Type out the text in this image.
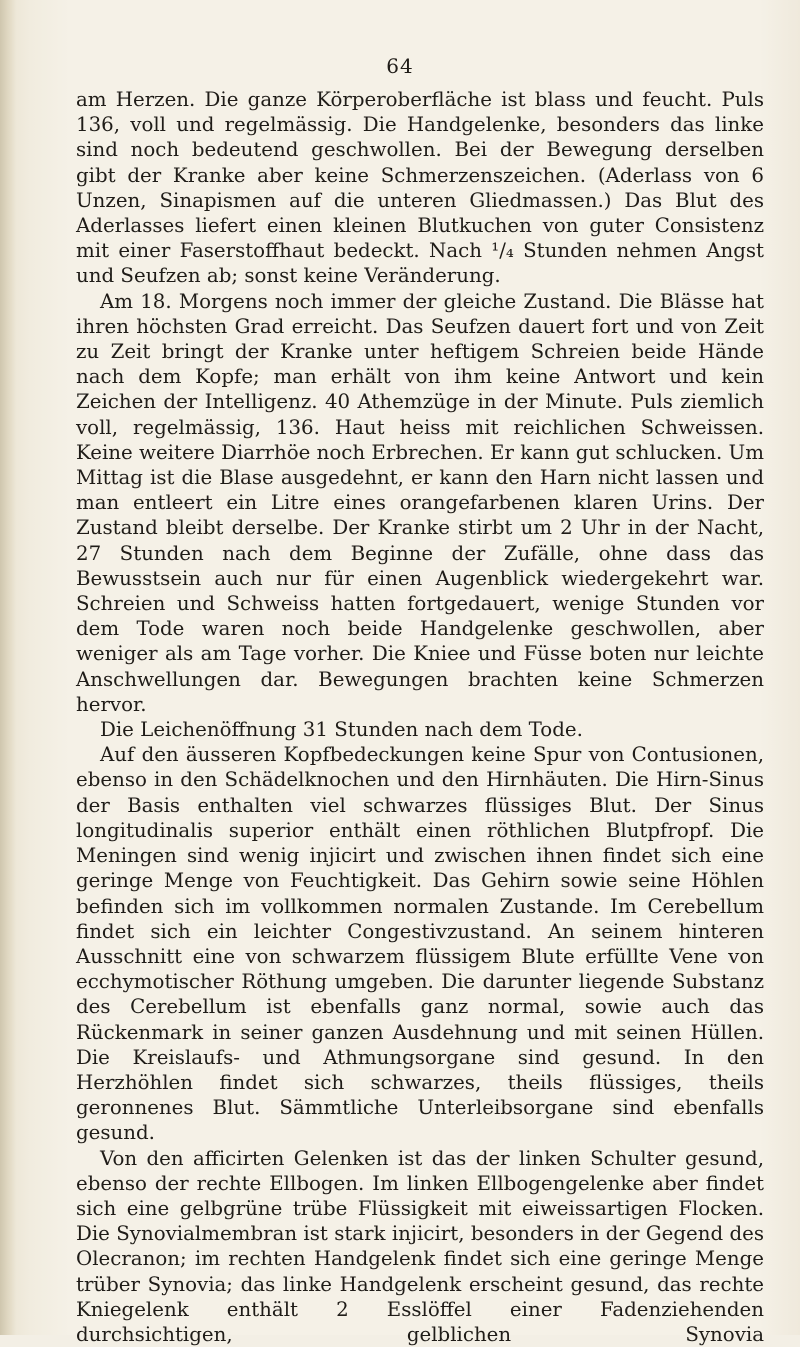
64

am Herzen. Die ganze Körperoberfläche ist blass und feucht. Puls 136, voll und regelmässig. Die Handgelenke, besonders das linke sind noch bedeutend geschwollen. Bei der Bewegung derselben gibt der Kranke aber keine Schmerzenszeichen. (Aderlass von 6 Unzen, Sinapismen auf die unteren Gliedmassen.) Das Blut des Aderlasses liefert einen kleinen Blutkuchen von guter Consistenz mit einer Faserstoffhaut bedeckt. Nach ¹/₄ Stunden nehmen Angst und Seufzen ab; sonst keine Veränderung.

Am 18. Morgens noch immer der gleiche Zustand. Die Blässe hat ihren höchsten Grad erreicht. Das Seufzen dauert fort und von Zeit zu Zeit bringt der Kranke unter heftigem Schreien beide Hände nach dem Kopfe; man erhält von ihm keine Antwort und kein Zeichen der Intelligenz. 40 Athemzüge in der Minute. Puls ziemlich voll, regelmässig, 136. Haut heiss mit reichlichen Schweissen. Keine weitere Diarrhöe noch Erbrechen. Er kann gut schlucken. Um Mittag ist die Blase ausgedehnt, er kann den Harn nicht lassen und man entleert ein Litre eines orangefarbenen klaren Urins. Der Zustand bleibt derselbe. Der Kranke stirbt um 2 Uhr in der Nacht, 27 Stunden nach dem Beginne der Zufälle, ohne dass das Bewusstsein auch nur für einen Augenblick wiedergekehrt war. Schreien und Schweiss hatten fortgedauert, wenige Stunden vor dem Tode waren noch beide Handgelenke geschwollen, aber weniger als am Tage vorher. Die Kniee und Füsse boten nur leichte Anschwellungen dar. Bewegungen brachten keine Schmerzen hervor.

Die Leichenöffnung 31 Stunden nach dem Tode.

Auf den äusseren Kopfbedeckungen keine Spur von Contusionen, ebenso in den Schädelknochen und den Hirnhäuten. Die Hirn-Sinus der Basis enthalten viel schwarzes flüssiges Blut. Der Sinus longitudinalis superior enthält einen röthlichen Blutpfropf. Die Meningen sind wenig injicirt und zwischen ihnen findet sich eine geringe Menge von Feuchtigkeit. Das Gehirn sowie seine Höhlen befinden sich im vollkommen normalen Zustande. Im Cerebellum findet sich ein leichter Congestivzustand. An seinem hinteren Ausschnitt eine von schwarzem flüssigem Blute erfüllte Vene von ecchymotischer Röthung umgeben. Die darunter liegende Substanz des Cerebellum ist ebenfalls ganz normal, sowie auch das Rückenmark in seiner ganzen Ausdehnung und mit seinen Hüllen. Die Kreislaufs- und Athmungsorgane sind gesund. In den Herzhöhlen findet sich schwarzes, theils flüssiges, theils geronnenes Blut. Sämmtliche Unterleibsorgane sind ebenfalls gesund.

Von den afficirten Gelenken ist das der linken Schulter gesund, ebenso der rechte Ellbogen. Im linken Ellbogengelenke aber findet sich eine gelbgrüne trübe Flüssigkeit mit eiweissartigen Flocken. Die Synovialmembran ist stark injicirt, besonders in der Gegend des Olecranon; im rechten Handgelenk findet sich eine geringe Menge trüber Synovia; das linke Handgelenk erscheint gesund, das rechte Kniegelenk enthält 2 Esslöffel einer Fadenziehenden durchsichtigen, gelblichen Synovia
